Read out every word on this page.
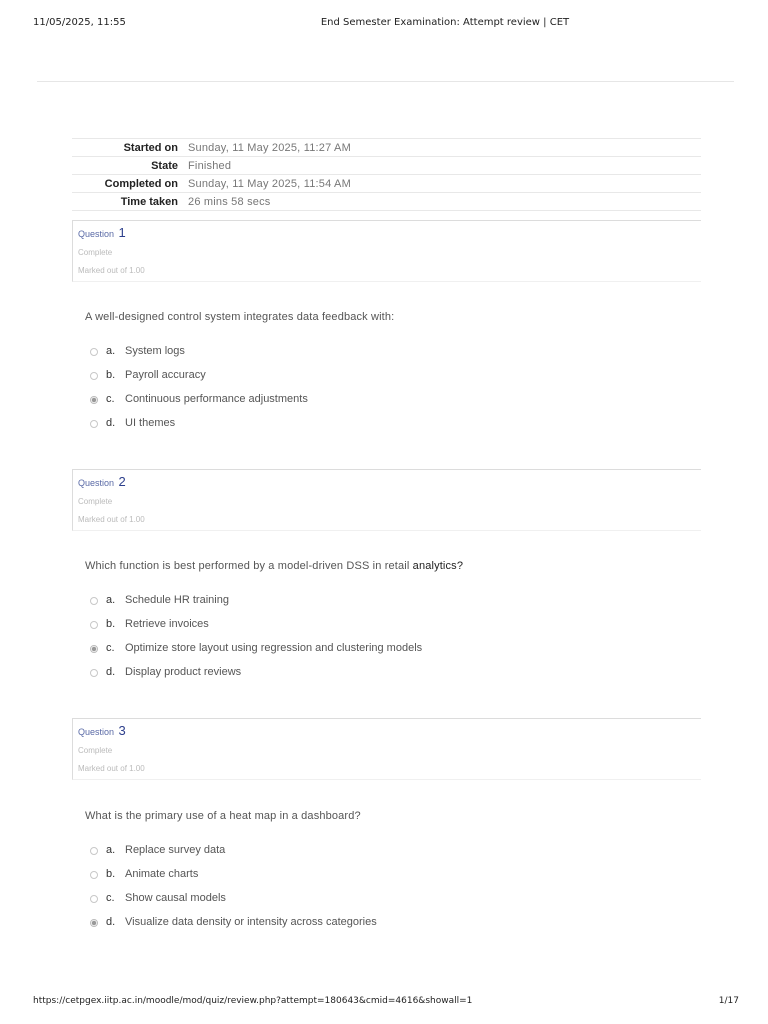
11/05/2025, 11:55	End Semester Examination: Attempt review | CET
Started on	Sunday, 11 May 2025, 11:27 AM
State	Finished
Completed on	Sunday, 11 May 2025, 11:54 AM
Time taken	26 mins 58 secs
Question 1
Complete
Marked out of 1.00
A well-designed control system integrates data feedback with:
a. System logs
b. Payroll accuracy
c. Continuous performance adjustments
d. UI themes
Question 2
Complete
Marked out of 1.00
Which function is best performed by a model-driven DSS in retail analytics?
a. Schedule HR training
b. Retrieve invoices
c. Optimize store layout using regression and clustering models
d. Display product reviews
Question 3
Complete
Marked out of 1.00
What is the primary use of a heat map in a dashboard?
a. Replace survey data
b. Animate charts
c. Show causal models
d. Visualize data density or intensity across categories
https://cetpgex.iitp.ac.in/moodle/mod/quiz/review.php?attempt=180643&cmid=4616&showall=1	1/17
